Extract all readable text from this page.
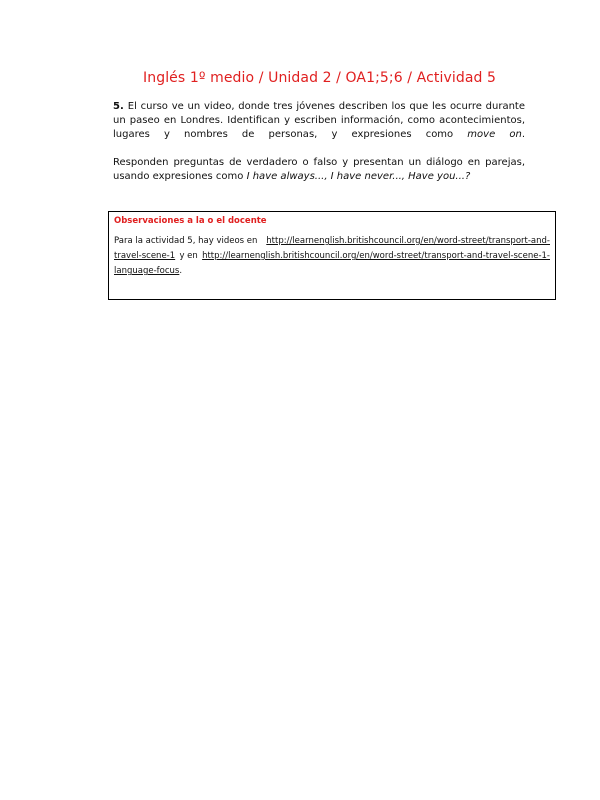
Inglés 1º medio / Unidad 2 / OA1;5;6 / Actividad 5

5. El curso ve un video, donde tres jóvenes describen los que les ocurre durante un paseo en Londres. Identifican y escriben información, como acontecimientos, lugares y nombres de personas, y expresiones como move on.

Responden preguntas de verdadero o falso y presentan un diálogo en parejas, usando expresiones como I have always..., I have never..., Have you...?

Observaciones a la o el docente
Para la actividad 5, hay videos en http://learnenglish.britishcouncil.org/en/word-street/transport-and-
travel-scene-1 y en http://learnenglish.britishcouncil.org/en/word-street/transport-and-travel-scene-1-
language-focus.
